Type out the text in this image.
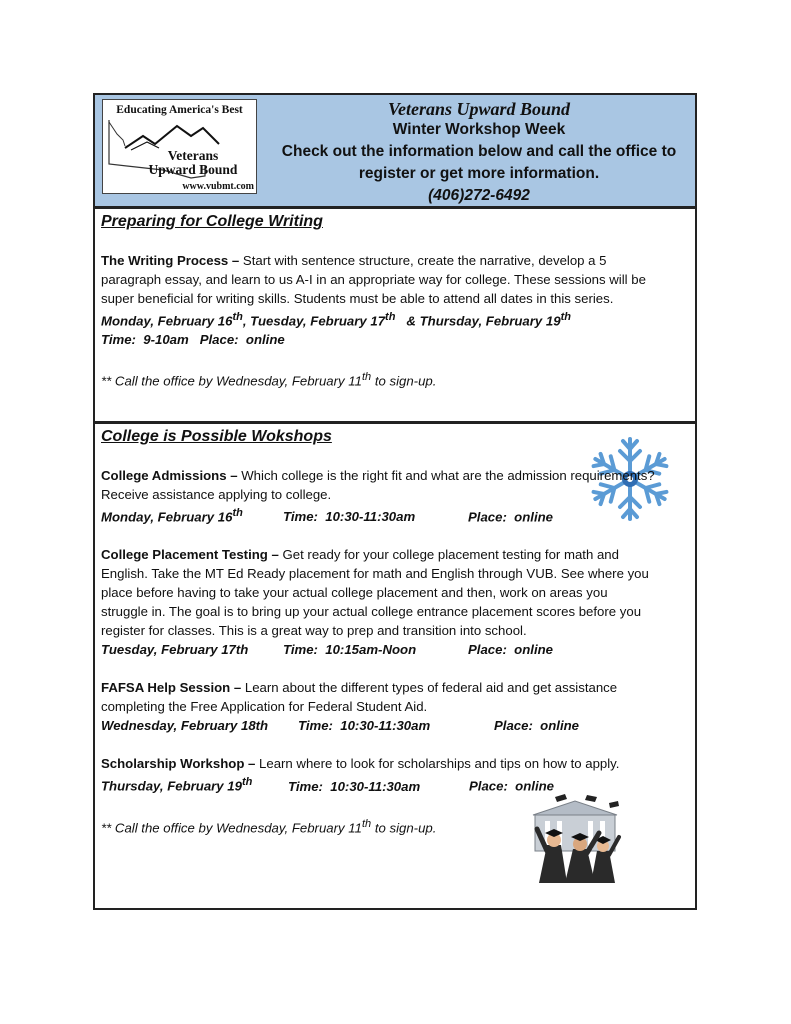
Educating America's Best
Veterans
Upward Bound
www.vubmt.com
Veterans Upward Bound
Winter Workshop Week
Check out the information below and call the office to
register or get more information.
(406)272-6492
Preparing for College Writing

The Writing Process – Start with sentence structure, create the narrative, develop a 5

paragraph essay, and learn to us A-I in an appropriate way for college. These sessions will be

super beneficial for writing skills. Students must be able to attend all dates in this series.

Monday, February 16th, Tuesday, February 17th   & Thursday, February 19th

Time:  9-10am   Place:  online

** Call the office by Wednesday, February 11th to sign-up.

College is Possible Wokshops

College Admissions – Which college is the right fit and what are the admission requirements?

Receive assistance applying to college.

Monday, February 16th	Time:  10:30-11:30am	Place:  online

College Placement Testing – Get ready for your college placement testing for math and

English. Take the MT Ed Ready placement for math and English through VUB. See where you

place before having to take your actual college placement and then, work on areas you

struggle in. The goal is to bring up your actual college entrance placement scores before you

register for classes. This is a great way to prep and transition into school.

Tuesday, February 17th	Time:  10:15am-Noon	Place:  online

FAFSA Help Session – Learn about the different types of federal aid and get assistance

completing the Free Application for Federal Student Aid.

Wednesday, February 18th Time:  10:30-11:30am	Place:  online

Scholarship Workshop – Learn where to look for scholarships and tips on how to apply.

Thursday, February 19th	Time:  10:30-11:30am	Place:  online

** Call the office by Wednesday, February 11th to sign-up.
